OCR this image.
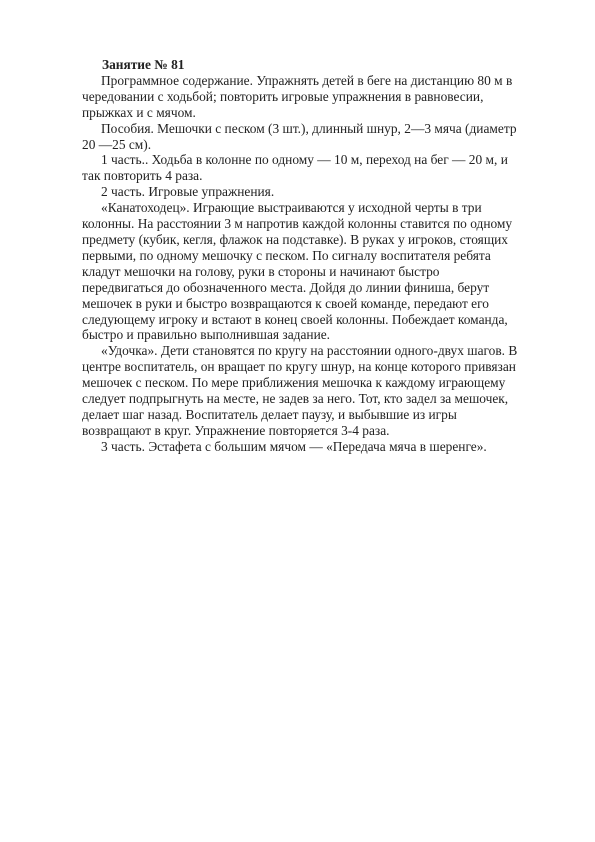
Занятие № 81

Программное содержание. Упражнять детей в беге на дистанцию 80 м в чередовании с ходьбой; повторить игровые упражнения в равновесии, прыжках и с мячом.

Пособия. Мешочки с песком (3 шт.), длинный шнур, 2—3 мяча (диаметр 20 —25 см).

1 часть.. Ходьба в колонне по одному — 10 м, переход на бег — 20 м, и так повторить 4 раза.

2 часть. Игровые упражнения.

«Канатоходец». Играющие выстраиваются у исходной черты в три колонны. На расстоянии 3 м напротив каждой колонны ставится по одному предмету (кубик, кегля, флажок на подставке). В руках у игроков, стоящих первыми, по одному мешочку с песком. По сигналу воспитателя ребята кладут мешочки на голову, руки в стороны и начинают быстро передвигаться до обозначенного места. Дойдя до линии финиша, берут мешочек в руки и быстро возвращаются к своей команде, передают его следующему игроку и встают в конец своей колонны. Побеждает команда, быстро и правильно выполнившая задание.

«Удочка». Дети становятся по кругу на расстоянии одного-двух шагов. В центре воспитатель, он вращает по кругу шнур, на конце которого привязан мешочек с песком. По мере приближения мешочка к каждому играющему следует подпрыгнуть на месте, не задев за него. Тот, кто задел за мешочек, делает шаг назад. Воспитатель делает паузу, и выбывшие из игры возвращают в круг. Упражнение повторяется 3-4 раза.

3 часть. Эстафета с большим мячом — «Передача мяча в шеренге».
